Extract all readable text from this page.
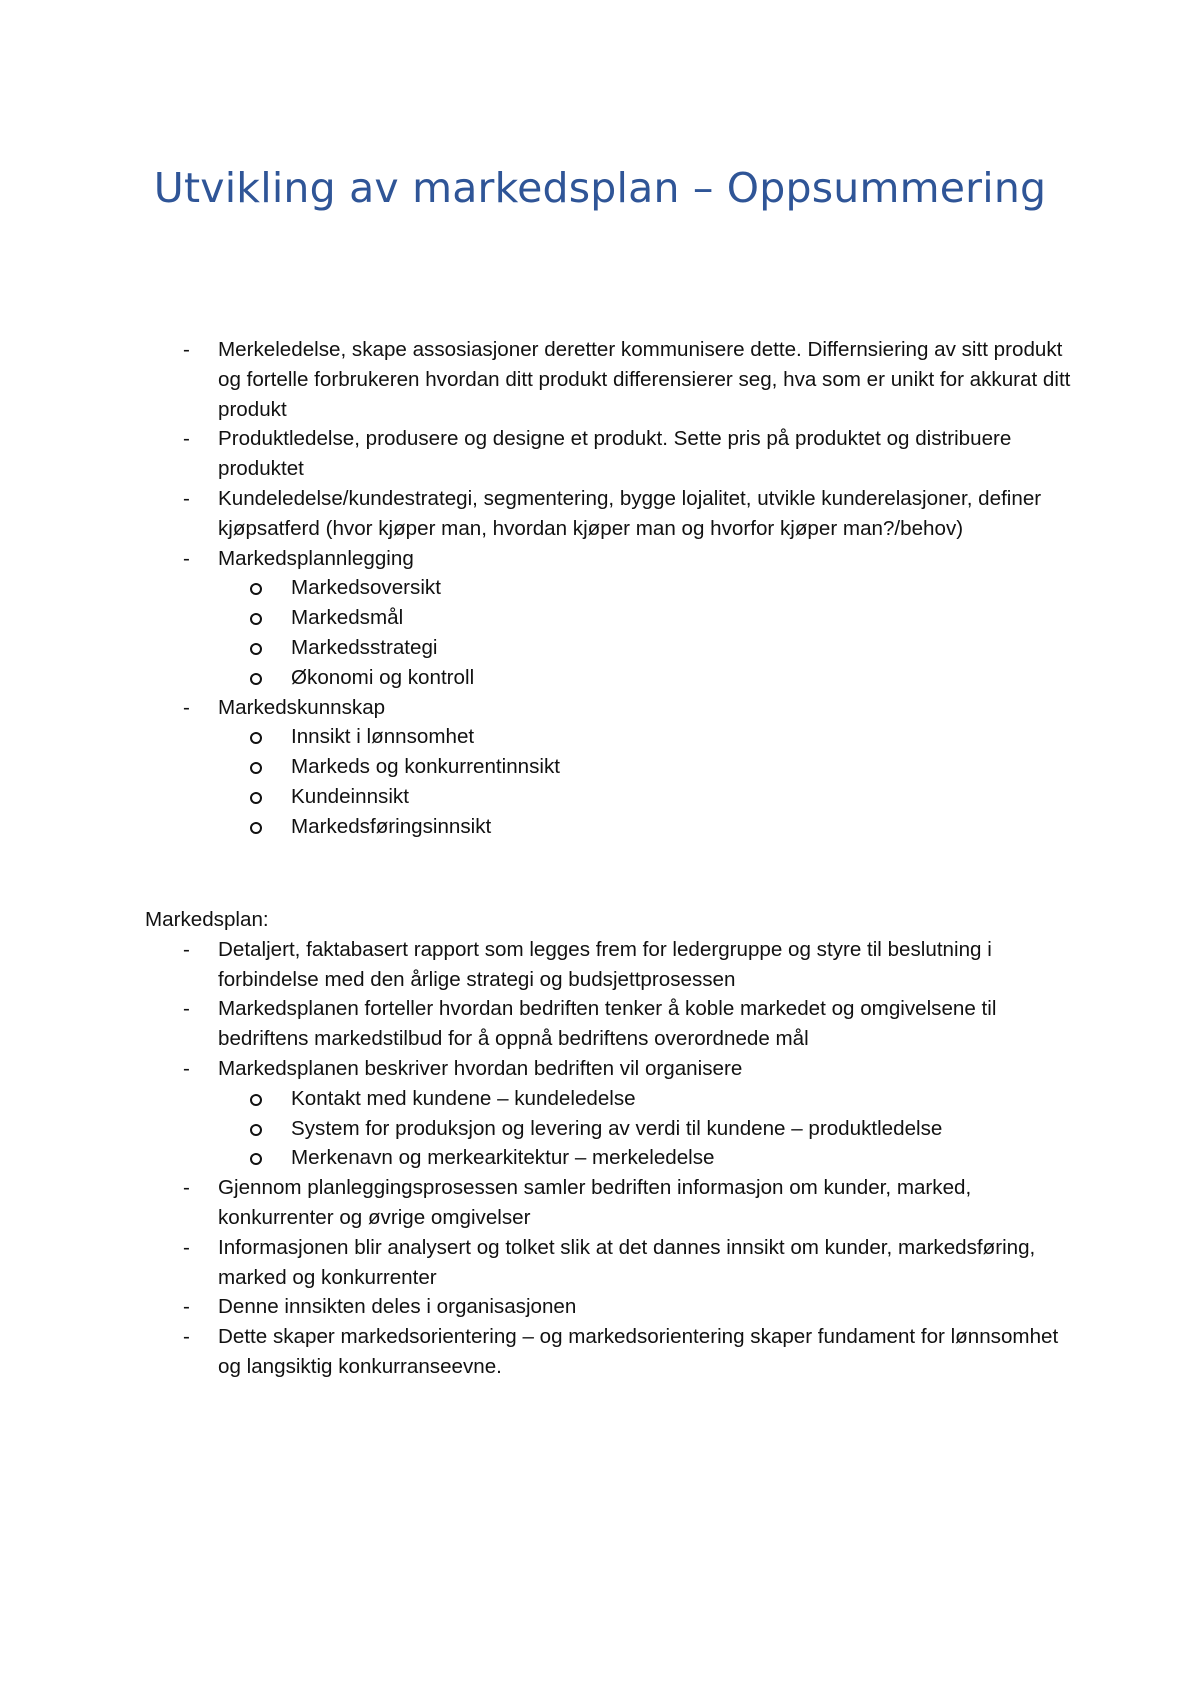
Utvikling av markedsplan – Oppsummering
- Merkeledelse, skape assosiasjoner deretter kommunisere dette. Differnsiering av sitt produkt og fortelle forbrukeren hvordan ditt produkt differensierer seg, hva som er unikt for akkurat ditt produkt
- Produktledelse, produsere og designe et produkt. Sette pris på produktet og distribuere produktet
- Kundeledelse/kundestrategi, segmentering, bygge lojalitet, utvikle kunderelasjoner, definer kjøpsatferd (hvor kjøper man, hvordan kjøper man og hvorfor kjøper man?/behov)
- Markedsplannlegging
Markedsoversikt
Markedsmål
Markedsstrategi
Økonomi og kontroll
- Markedskunnskap
Innsikt i lønnsomhet
Markeds og konkurrentinnsikt
Kundeinnsikt
Markedsføringsinnsikt
Markedsplan:
- Detaljert, faktabasert rapport som legges frem for ledergruppe og styre til beslutning i forbindelse med den årlige strategi og budsjettprosessen
- Markedsplanen forteller hvordan bedriften tenker å koble markedet og omgivelsene til bedriftens markedstilbud for å oppnå bedriftens overordnede mål
- Markedsplanen beskriver hvordan bedriften vil organisere
Kontakt med kundene – kundeledelse
System for produksjon og levering av verdi til kundene – produktledelse
Merkenavn og merkearkitektur – merkeledelse
- Gjennom planleggingsprosessen samler bedriften informasjon om kunder, marked, konkurrenter og øvrige omgivelser
- Informasjonen blir analysert og tolket slik at det dannes innsikt om kunder, markedsføring, marked og konkurrenter
- Denne innsikten deles i organisasjonen
- Dette skaper markedsorientering – og markedsorientering skaper fundament for lønnsomhet og langsiktig konkurranseevne.
